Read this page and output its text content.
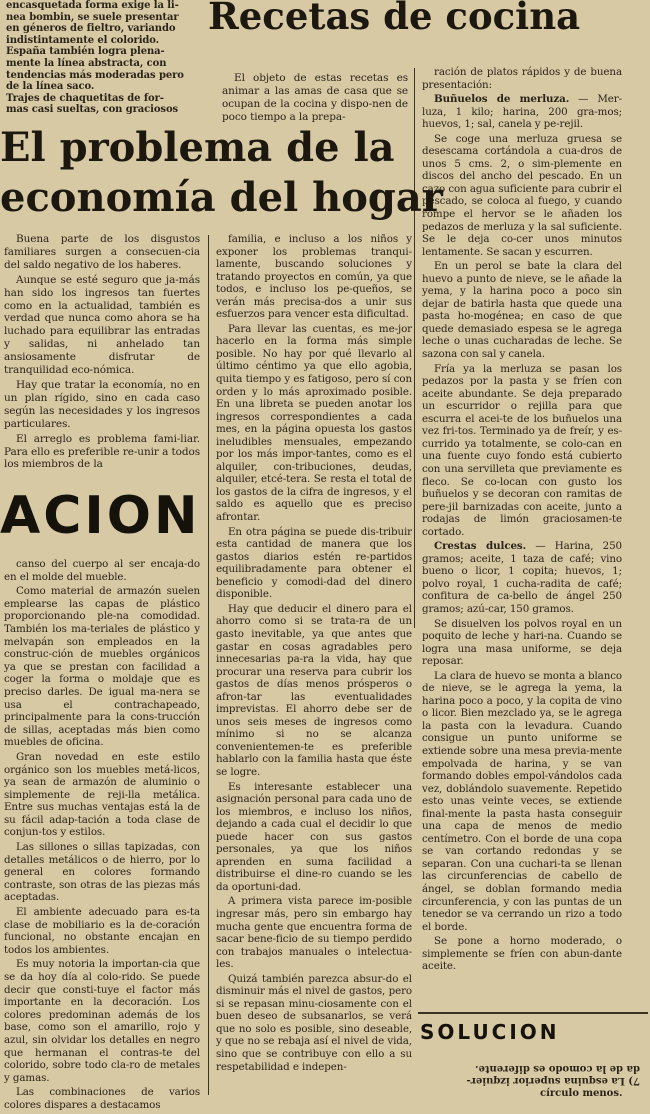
encasquetada forma exige la li-
nea bombin, se suele presentar
en géneros de fieltro, variando
indistintamente el colorido.
España también logra plena-
mente la línea abstracta, con
tendencias más moderadas pero
de la línea saco.
Trajes de chaquetitas de for-
mas casi sueltas, con graciosos
Recetas de cocina
El objeto de estas recetas es animar a las amas de casa que se ocupan de la cocina y dispo-nen de poco tiempo a la prepa-

ración de platos rápidos y de buena presentación:

Buñuelos de merluza. — Mer-luza, 1 kilo; harina, 200 gra-mos; huevos, 1; sal, canela y pe-rejil.

Se coge una merluza gruesa se desescama cortándola a cua-dros de unos 5 cms. 2, o sim-plemente en discos del ancho del pescado. En un cazo con agua suficiente para cubrir el pescado, se coloca al fuego, y cuando rompe el hervor se le añaden los pedazos de merluza y la sal suficiente. Se le deja co-cer unos minutos lentamente. Se sacan y escurren.

En un perol se bate la clara del huevo a punto de nieve, se le añade la yema, y la harina poco a poco sin dejar de batirla hasta que quede una pasta ho-mogénea; en caso de que quede demasiado espesa se le agrega leche o unas cucharadas de leche. Se sazona con sal y canela.

Fría ya la merluza se pasan los pedazos por la pasta y se fríen con aceite abundante. Se deja preparado un escurridor o rejilla para que escurra el acei-te de los buñuelos una vez fri-tos. Terminado ya de freír, y es-currido ya totalmente, se colo-can en una fuente cuyo fondo está cubierto con una servilleta que previamente es fleco. Se co-locan con gusto los buñuelos y se decoran con ramitas de pere-jil barnizadas con aceite, junto a rodajas de limón graciosamen-te cortado.

Crestas dulces. — Harina, 250 gramos; aceite, 1 taza de café; vino bueno o licor, 1 copita; huevos, 1; polvo royal, 1 cucha-radita de café; confitura de ca-bello de ángel 250 gramos; azú-car, 150 gramos.

Se disuelven los polvos royal en un poquito de leche y hari-na. Cuando se logra una masa uniforme, se deja reposar.

La clara de huevo se monta a blanco de nieve, se le agrega la yema, la harina poco a poco, y la copita de vino o licor. Bien mezclado ya, se le agrega la pasta con la levadura. Cuando consigue un punto uniforme se extiende sobre una mesa previa-mente empolvada de harina, y se van formando dobles empol-vándolos cada vez, doblándolo suavemente. Repetido esto unas veinte veces, se extiende final-mente la pasta hasta conseguir una capa de menos de medio centímetro. Con el borde de una copa se van cortando redondas y se separan. Con una cuchari-ta se llenan las circunferencias de cabello de ángel, se doblan formando media circunferencia, y con las puntas de un tenedor se va cerrando un rizo a todo el borde.

Se pone a horno moderado, o simplemente se fríen con abun-dante aceite.

El problema de la
economía del hogar

Buena parte de los disgustos familiares surgen a consecuen-cia del saldo negativo de los haberes.

Aunque se esté seguro que ja-más han sido los ingresos tan fuertes como en la actualidad, también es verdad que nunca como ahora se ha luchado para equilibrar las entradas y salidas, ni anhelado tan ansiosamente disfrutar de tranquilidad eco-nómica.

Hay que tratar la economía, no en un plan rígido, sino en cada caso según las necesidades y los ingresos particulares.

El arreglo es problema fami-liar. Para ello es preferible re-unir a todos los miembros de la

familia, e incluso a los niños y exponer los problemas tranqui-lamente, buscando soluciones y tratando proyectos en común, ya que todos, e incluso los pe-queños, se verán más precisa-dos a unir sus esfuerzos para vencer esta dificultad.

Para llevar las cuentas, es me-jor hacerlo en la forma más simple posible. No hay por qué llevarlo al último céntimo ya que ello agobia, quita tiempo y es fatigoso, pero sí con orden y lo más aproximado posible. En una libreta se pueden anotar los ingresos correspondientes a cada mes, en la página opuesta los gastos ineludibles mensuales, empezando por los más impor-tantes, como es el alquiler, con-tribuciones, deudas, alquiler, etcé-tera. Se resta el total de los gastos de la cifra de ingresos, y el saldo es aquello que es preciso afrontar.

En otra página se puede dis-tribuir esta cantidad de manera que los gastos diarios estén re-partidos equilibradamente para obtener el beneficio y comodi-dad del dinero disponible.

Hay que deducir el dinero para el ahorro como si se trata-ra de un gasto inevitable, ya que antes que gastar en cosas agradables pero innecesarias pa-ra la vida, hay que procurar una reserva para cubrir los gastos de días menos prósperos o afron-tar las eventualidades imprevistas. El ahorro debe ser de unos seis meses de ingresos como mínimo si no se alcanza convenientemen-te es preferible hablarlo con la familia hasta que éste se logre.

Es interesante establecer una asignación personal para cada uno de los miembros, e incluso los niños, dejando a cada cual el decidir lo que puede hacer con sus gastos personales, ya que los niños aprenden en suma facilidad a distribuirse el dine-ro cuando se les da oportuni-dad.

A primera vista parece im-posible ingresar más, pero sin embargo hay mucha gente que encuentra forma de sacar bene-ficio de su tiempo perdido con trabajos manuales o intelectua-les.

Quizá también parezca absur-do el disminuir más el nivel de gastos, pero si se repasan minu-ciosamente con el buen deseo de subsanarlos, se verá que no solo es posible, sino deseable, y que no se rebaja así el nivel de vida, sino que se contribuye con ello a su respetabilidad e indepen-

ACION

canso del cuerpo al ser encaja-do en el molde del mueble.

Como material de armazón suelen emplearse las capas de plástico proporcionando ple-na comodidad. También los ma-teriales de plástico y melvapán son empleados en la construc-ción de muebles orgánicos ya que se prestan con facilidad a coger la forma o moldaje que es preciso darles. De igual ma-nera se usa el contrachapeado, principalmente para la cons-trucción de sillas, aceptadas más bien como muebles de oficina.

Gran novedad en este estilo orgánico son los muebles metá-licos, ya sean de armazón de aluminio o simplemente de reji-lla metálica. Entre sus muchas ventajas está la de su fácil adap-tación a toda clase de conjun-tos y estilos.

Las sillones o sillas tapizadas, con detalles metálicos o de hierro, por lo general en colores formando contraste, son otras de las piezas más aceptadas.

El ambiente adecuado para es-ta clase de mobiliario es la de-coración funcional, no obstante encajan en todos los ambientes.

Es muy notoria la importan-cia que se da hoy día al colo-rido. Se puede decir que consti-tuye el factor más importante en la decoración. Los colores predominan además de los base, como son el amarillo, rojo y azul, sin olvidar los detalles en negro que hermanan el contras-te del colorido, sobre todo cla-ro de metales y gamas.

Las combinaciones de varios colores dispares a destacamos

SOLUCION
7) La esquina superior izquier-
da de la comodo es diferente.
círculo menos.
